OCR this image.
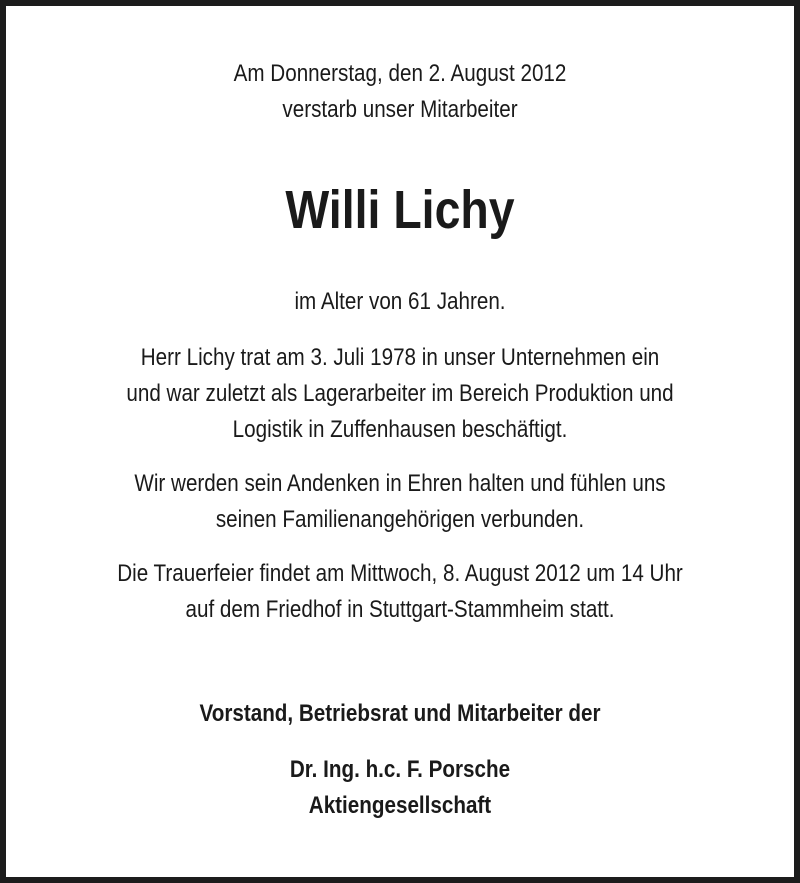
Am Donnerstag, den 2. August 2012
verstarb unser Mitarbeiter
Willi Lichy
im Alter von 61 Jahren.
Herr Lichy trat am 3. Juli 1978 in unser Unternehmen ein
und war zuletzt als Lagerarbeiter im Bereich Produktion und
Logistik in Zuffenhausen beschäftigt.
Wir werden sein Andenken in Ehren halten und fühlen uns
seinen Familienangehörigen verbunden.
Die Trauerfeier findet am Mittwoch, 8. August 2012 um 14 Uhr
auf dem Friedhof in Stuttgart-Stammheim statt.
Vorstand, Betriebsrat und Mitarbeiter der
Dr. Ing. h.c. F. Porsche
Aktiengesellschaft
